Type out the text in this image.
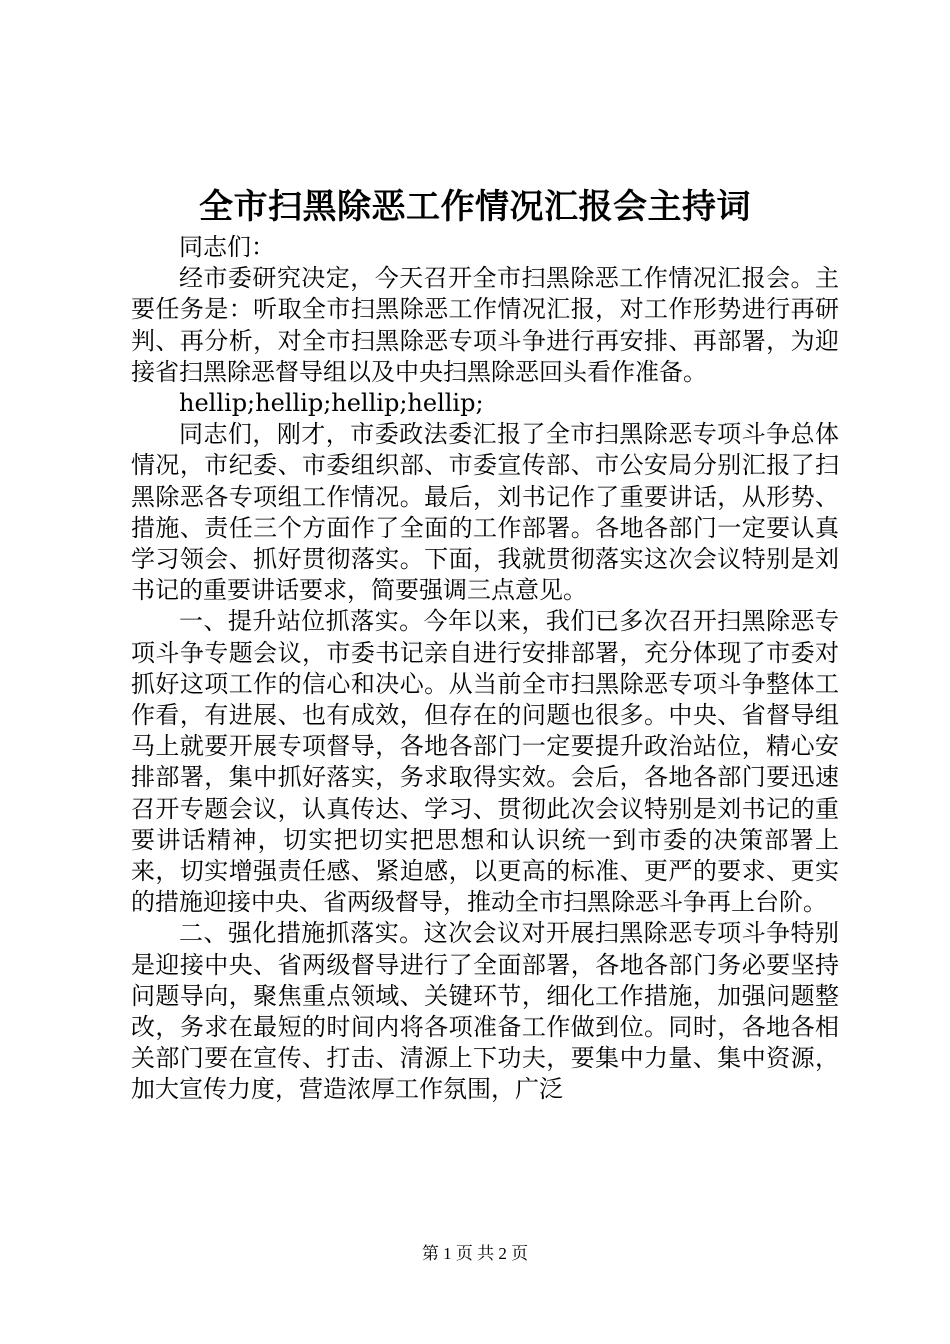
全市扫黑除恶工作情况汇报会主持词

同志们：

经市委研究决定，今天召开全市扫黑除恶工作情况汇报会。主要任务是：听取全市扫黑除恶工作情况汇报，对工作形势进行再研判、再分析，对全市扫黑除恶专项斗争进行再安排、再部署，为迎接省扫黑除恶督导组以及中央扫黑除恶回头看作准备。

hellip;hellip;hellip;hellip;

同志们，刚才，市委政法委汇报了全市扫黑除恶专项斗争总体情况，市纪委、市委组织部、市委宣传部、市公安局分别汇报了扫黑除恶各专项组工作情况。最后，刘书记作了重要讲话，从形势、措施、责任三个方面作了全面的工作部署。各地各部门一定要认真学习领会、抓好贯彻落实。下面，我就贯彻落实这次会议特别是刘书记的重要讲话要求，简要强调三点意见。

一、提升站位抓落实。今年以来，我们已多次召开扫黑除恶专项斗争专题会议，市委书记亲自进行安排部署，充分体现了市委对抓好这项工作的信心和决心。从当前全市扫黑除恶专项斗争整体工作看，有进展、也有成效，但存在的问题也很多。中央、省督导组马上就要开展专项督导，各地各部门一定要提升政治站位，精心安排部署，集中抓好落实，务求取得实效。会后，各地各部门要迅速召开专题会议，认真传达、学习、贯彻此次会议特别是刘书记的重要讲话精神，切实把切实把思想和认识统一到市委的决策部署上来，切实增强责任感、紧迫感，以更高的标准、更严的要求、更实的措施迎接中央、省两级督导，推动全市扫黑除恶斗争再上台阶。

二、强化措施抓落实。这次会议对开展扫黑除恶专项斗争特别是迎接中央、省两级督导进行了全面部署，各地各部门务必要坚持问题导向，聚焦重点领域、关键环节，细化工作措施，加强问题整改，务求在最短的时间内将各项准备工作做到位。同时，各地各相关部门要在宣传、打击、清源上下功夫，要集中力量、集中资源，加大宣传力度，营造浓厚工作氛围，广泛

第 1 页 共 2 页
